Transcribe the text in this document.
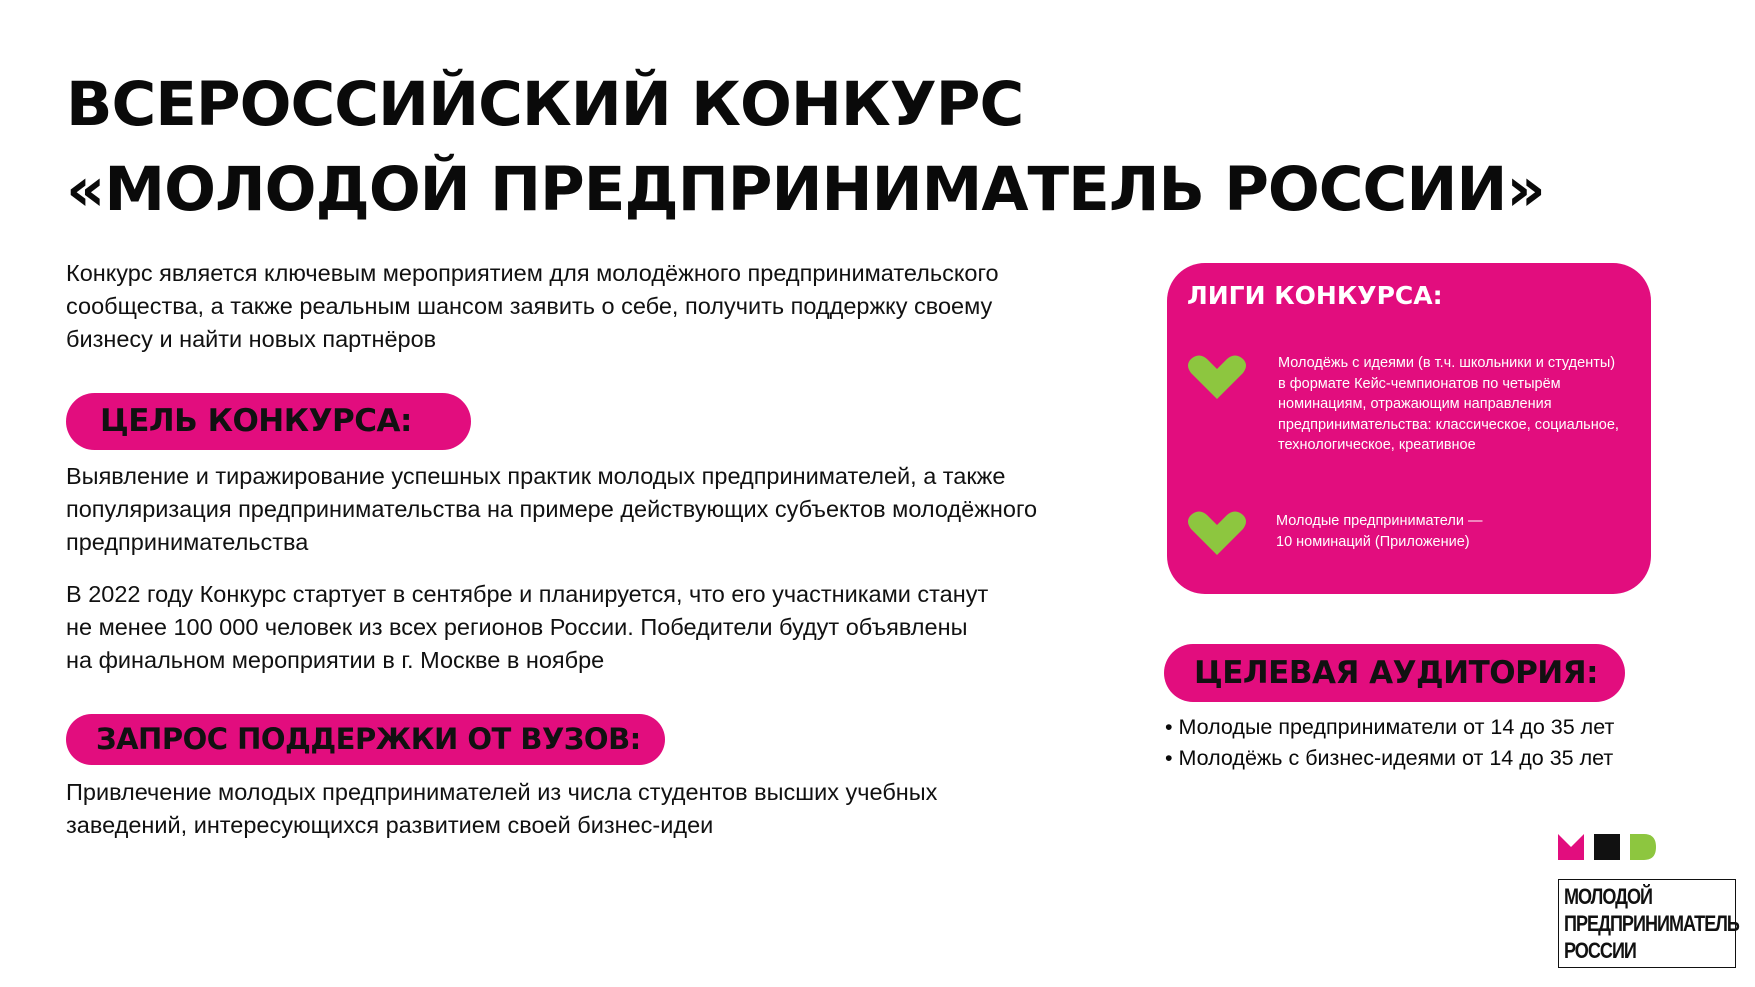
ВСЕРОССИЙСКИЙ КОНКУРС
«МОЛОДОЙ ПРЕДПРИНИМАТЕЛЬ РОССИИ»
Конкурс является ключевым мероприятием для молодёжного предпринимательского
сообщества, а также реальным шансом заявить о себе, получить поддержку своему
бизнесу и найти новых партнёров
ЦЕЛЬ КОНКУРСА:
Выявление и тиражирование успешных практик молодых предпринимателей, а также
популяризация предпринимательства на примере действующих субъектов молодёжного
предпринимательства
В 2022 году Конкурс стартует в сентябре и планируется, что его участниками станут
не менее 100 000 человек из всех регионов России. Победители будут объявлены
на финальном мероприятии в г. Москве в ноябре
ЗАПРОС ПОДДЕРЖКИ ОТ ВУЗОВ:
Привлечение молодых предпринимателей из числа студентов высших учебных
заведений, интересующихся развитием своей бизнес-идеи
ЛИГИ КОНКУРСА:
Молодёжь с идеями (в т.ч. школьники и студенты)
в формате Кейс-чемпионатов по четырём
номинациям, отражающим направления
предпринимательства: классическое, социальное,
технологическое, креативное
Молодые предприниматели —
10 номинаций (Приложение)
ЦЕЛЕВАЯ АУДИТОРИЯ:
• Молодые предприниматели от 14 до 35 лет
• Молодёжь с бизнес-идеями от 14 до 35 лет
МОЛОДОЙ
ПРЕДПРИНИМАТЕЛЬ
РОССИИ
